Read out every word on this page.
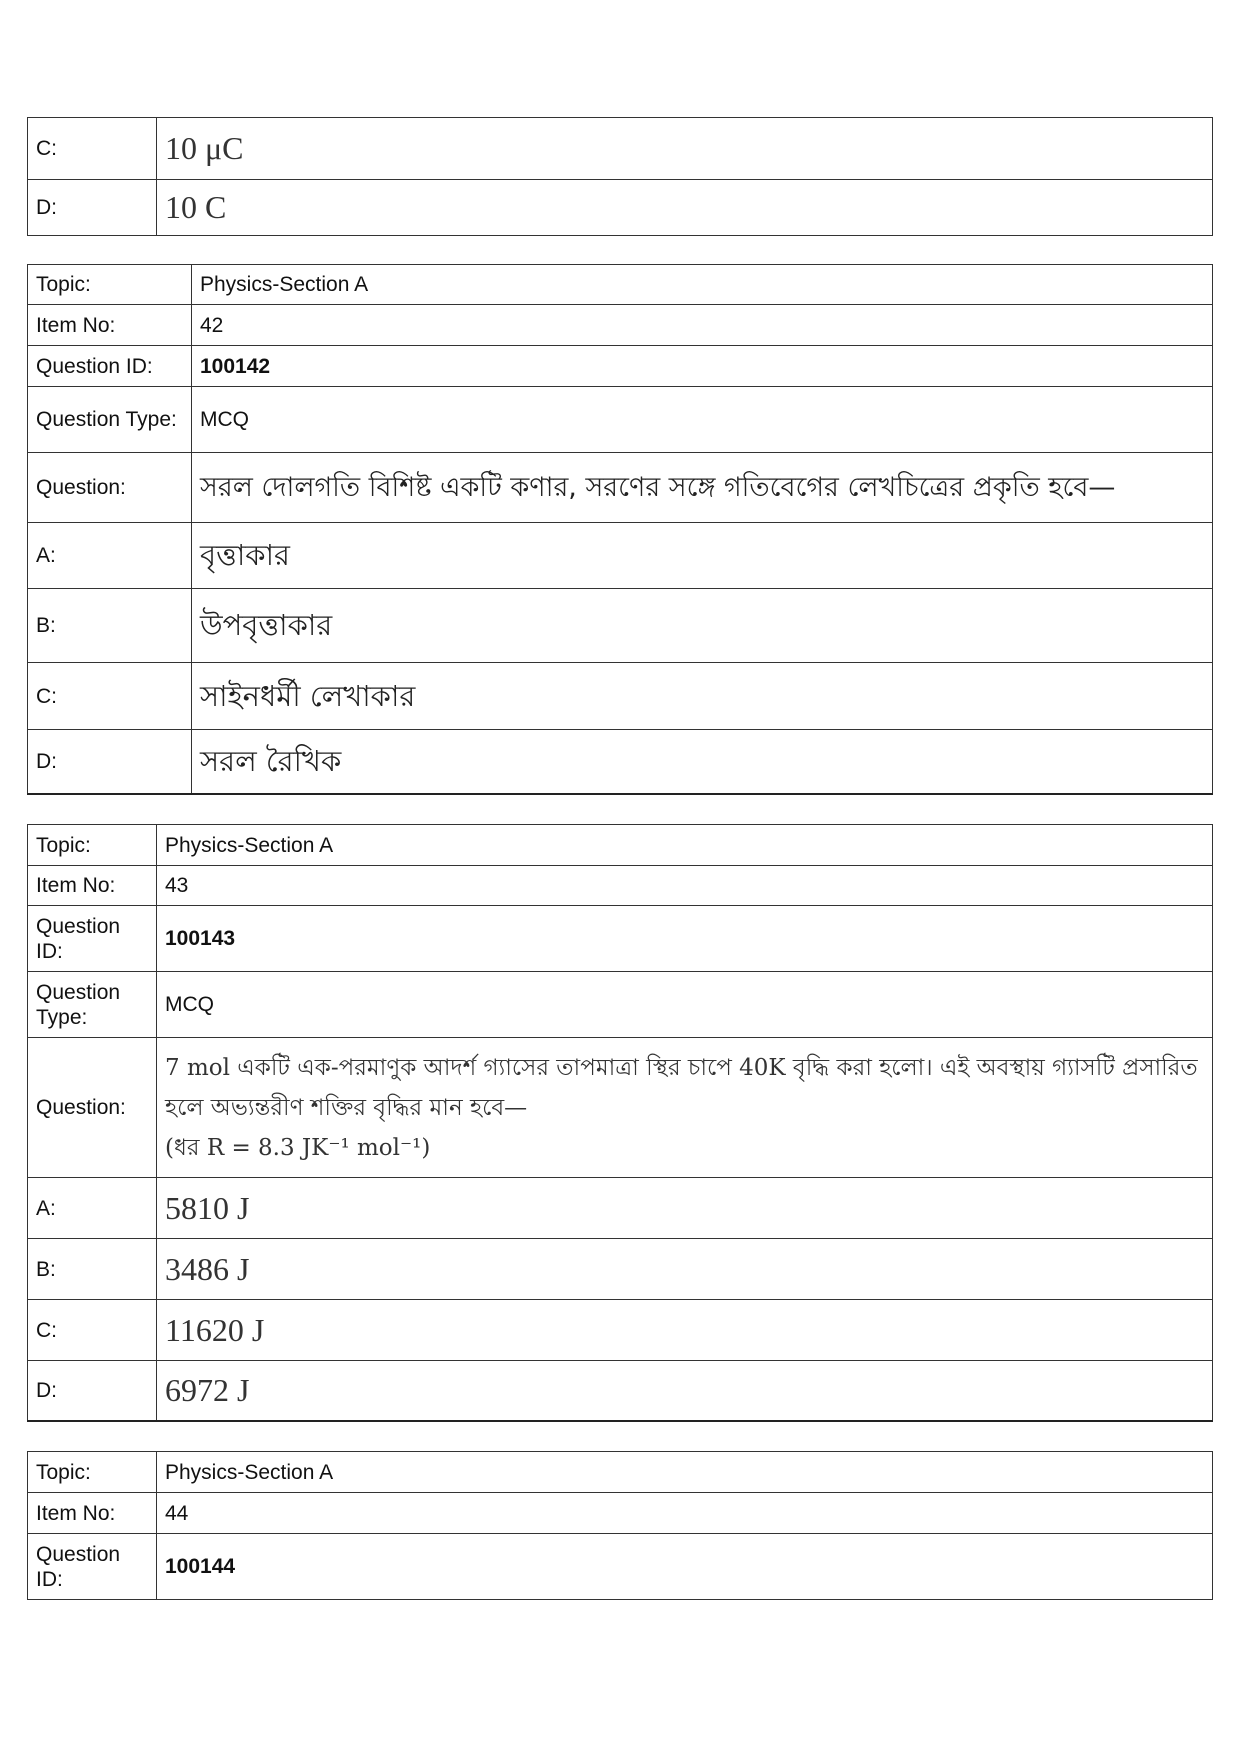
C:	10 μC
D:	10 C
Topic:	Physics-Section A
Item No:	42
Question ID:	100142
Question Type:	MCQ
Question:	সরল দোলগতি বিশিষ্ট একটি কণার, সরণের সঙ্গে গতিবেগের লেখচিত্রের প্রকৃতি হবে—
A:	বৃত্তাকার
B:	উপবৃত্তাকার
C:	সাইনধর্মী লেখাকার
D:	সরল রৈখিক
Topic:	Physics-Section A
Item No:	43
Question ID:	100143
Question Type:	MCQ
Question:	7 mol একটি এক-পরমাণুক আদর্শ গ্যাসের তাপমাত্রা স্থির চাপে 40K বৃদ্ধি করা হলো। এই অবস্থায় গ্যাসটি প্রসারিত হলে অভ্যন্তরীণ শক্তির বৃদ্ধির মান হবে—
(ধর R = 8.3 JK⁻¹ mol⁻¹)

A:	5810 J
B:	3486 J
C:	11620 J
D:	6972 J
Topic:	Physics-Section A
Item No:	44
Question ID:	100144
